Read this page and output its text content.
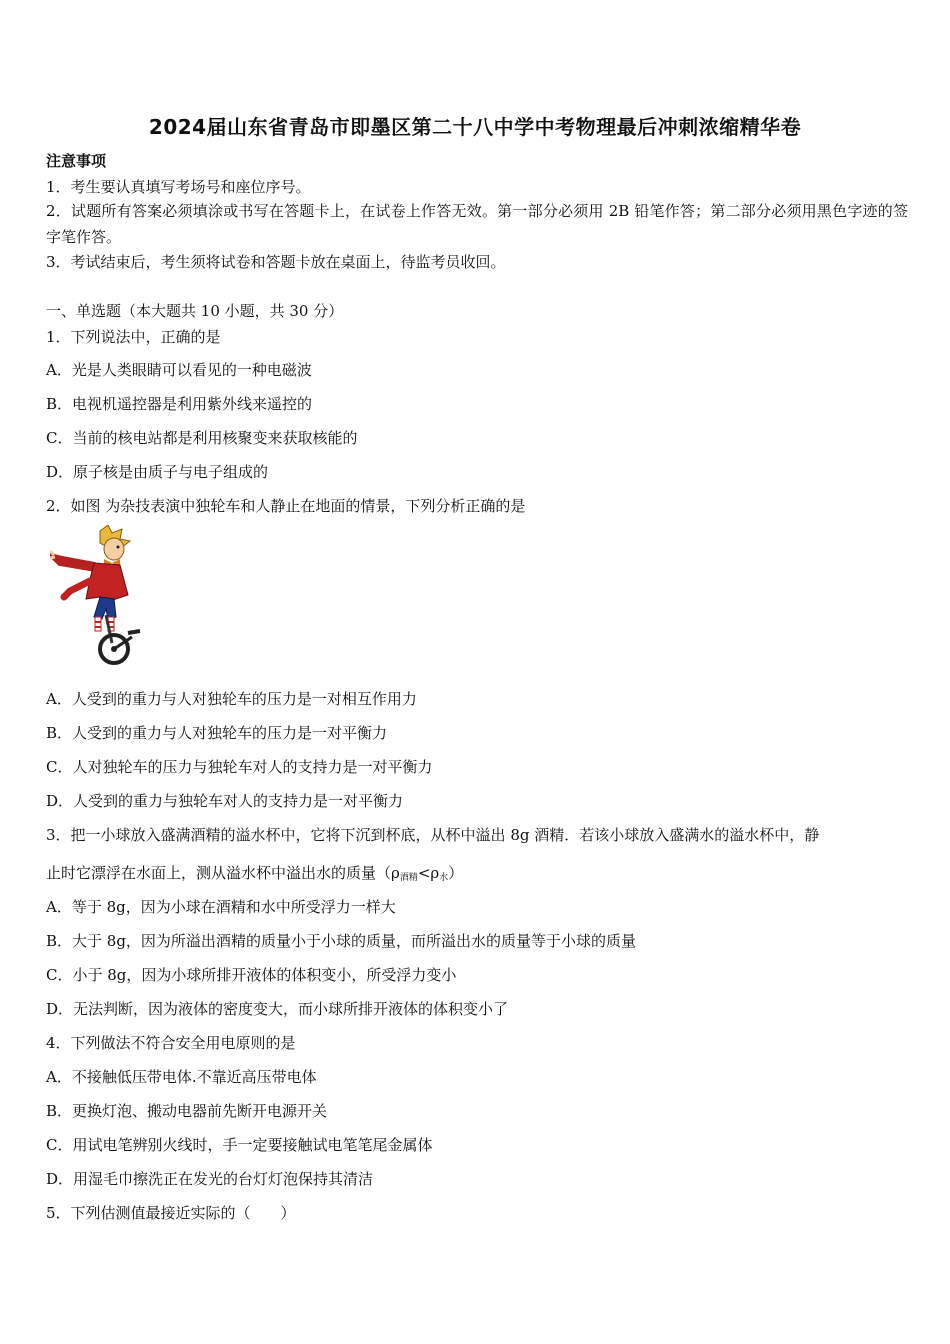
2024届山东省青岛市即墨区第二十八中学中考物理最后冲刺浓缩精华卷
注意事项
1．考生要认真填写考场号和座位序号。
2．试题所有答案必须填涂或书写在答题卡上，在试卷上作答无效。第一部分必须用 2B 铅笔作答；第二部分必须用黑色字迹的签字笔作答。
3．考试结束后，考生须将试卷和答题卡放在桌面上，待监考员收回。
一、单选题（本大题共 10 小题，共 30 分）
1．下列说法中，正确的是
A．光是人类眼睛可以看见的一种电磁波
B．电视机遥控器是利用紫外线来遥控的
C．当前的核电站都是利用核聚变来获取核能的
D．原子核是由质子与电子组成的
2．如图 为杂技表演中独轮车和人静止在地面的情景，下列分析正确的是
A．人受到的重力与人对独轮车的压力是一对相互作用力
B．人受到的重力与人对独轮车的压力是一对平衡力
C．人对独轮车的压力与独轮车对人的支持力是一对平衡力
D．人受到的重力与独轮车对人的支持力是一对平衡力
3．把一小球放入盛满酒精的溢水杯中，它将下沉到杯底，从杯中溢出 8g 酒精．若该小球放入盛满水的溢水杯中，静
止时它漂浮在水面上，测从溢水杯中溢出水的质量$(\rho_{酒精}<\rho_水)$
A．等于 8g，因为小球在酒精和水中所受浮力一样大
B．大于 8g，因为所溢出酒精的质量小于小球的质量，而所溢出水的质量等于小球的质量
C．小于 8g，因为小球所排开液体的体积变小，所受浮力变小
D．无法判断，因为液体的密度变大，而小球所排开液体的体积变小了
4．下列做法不符合安全用电原则的是
A．不接触低压带电体.不靠近高压带电体
B．更换灯泡、搬动电器前先断开电源开关
C．用试电笔辨别火线时，手一定要接触试电笔笔尾金属体
D．用湿毛巾擦洗正在发光的台灯灯泡保持其清洁
5．下列估测值最接近实际的（　　）
